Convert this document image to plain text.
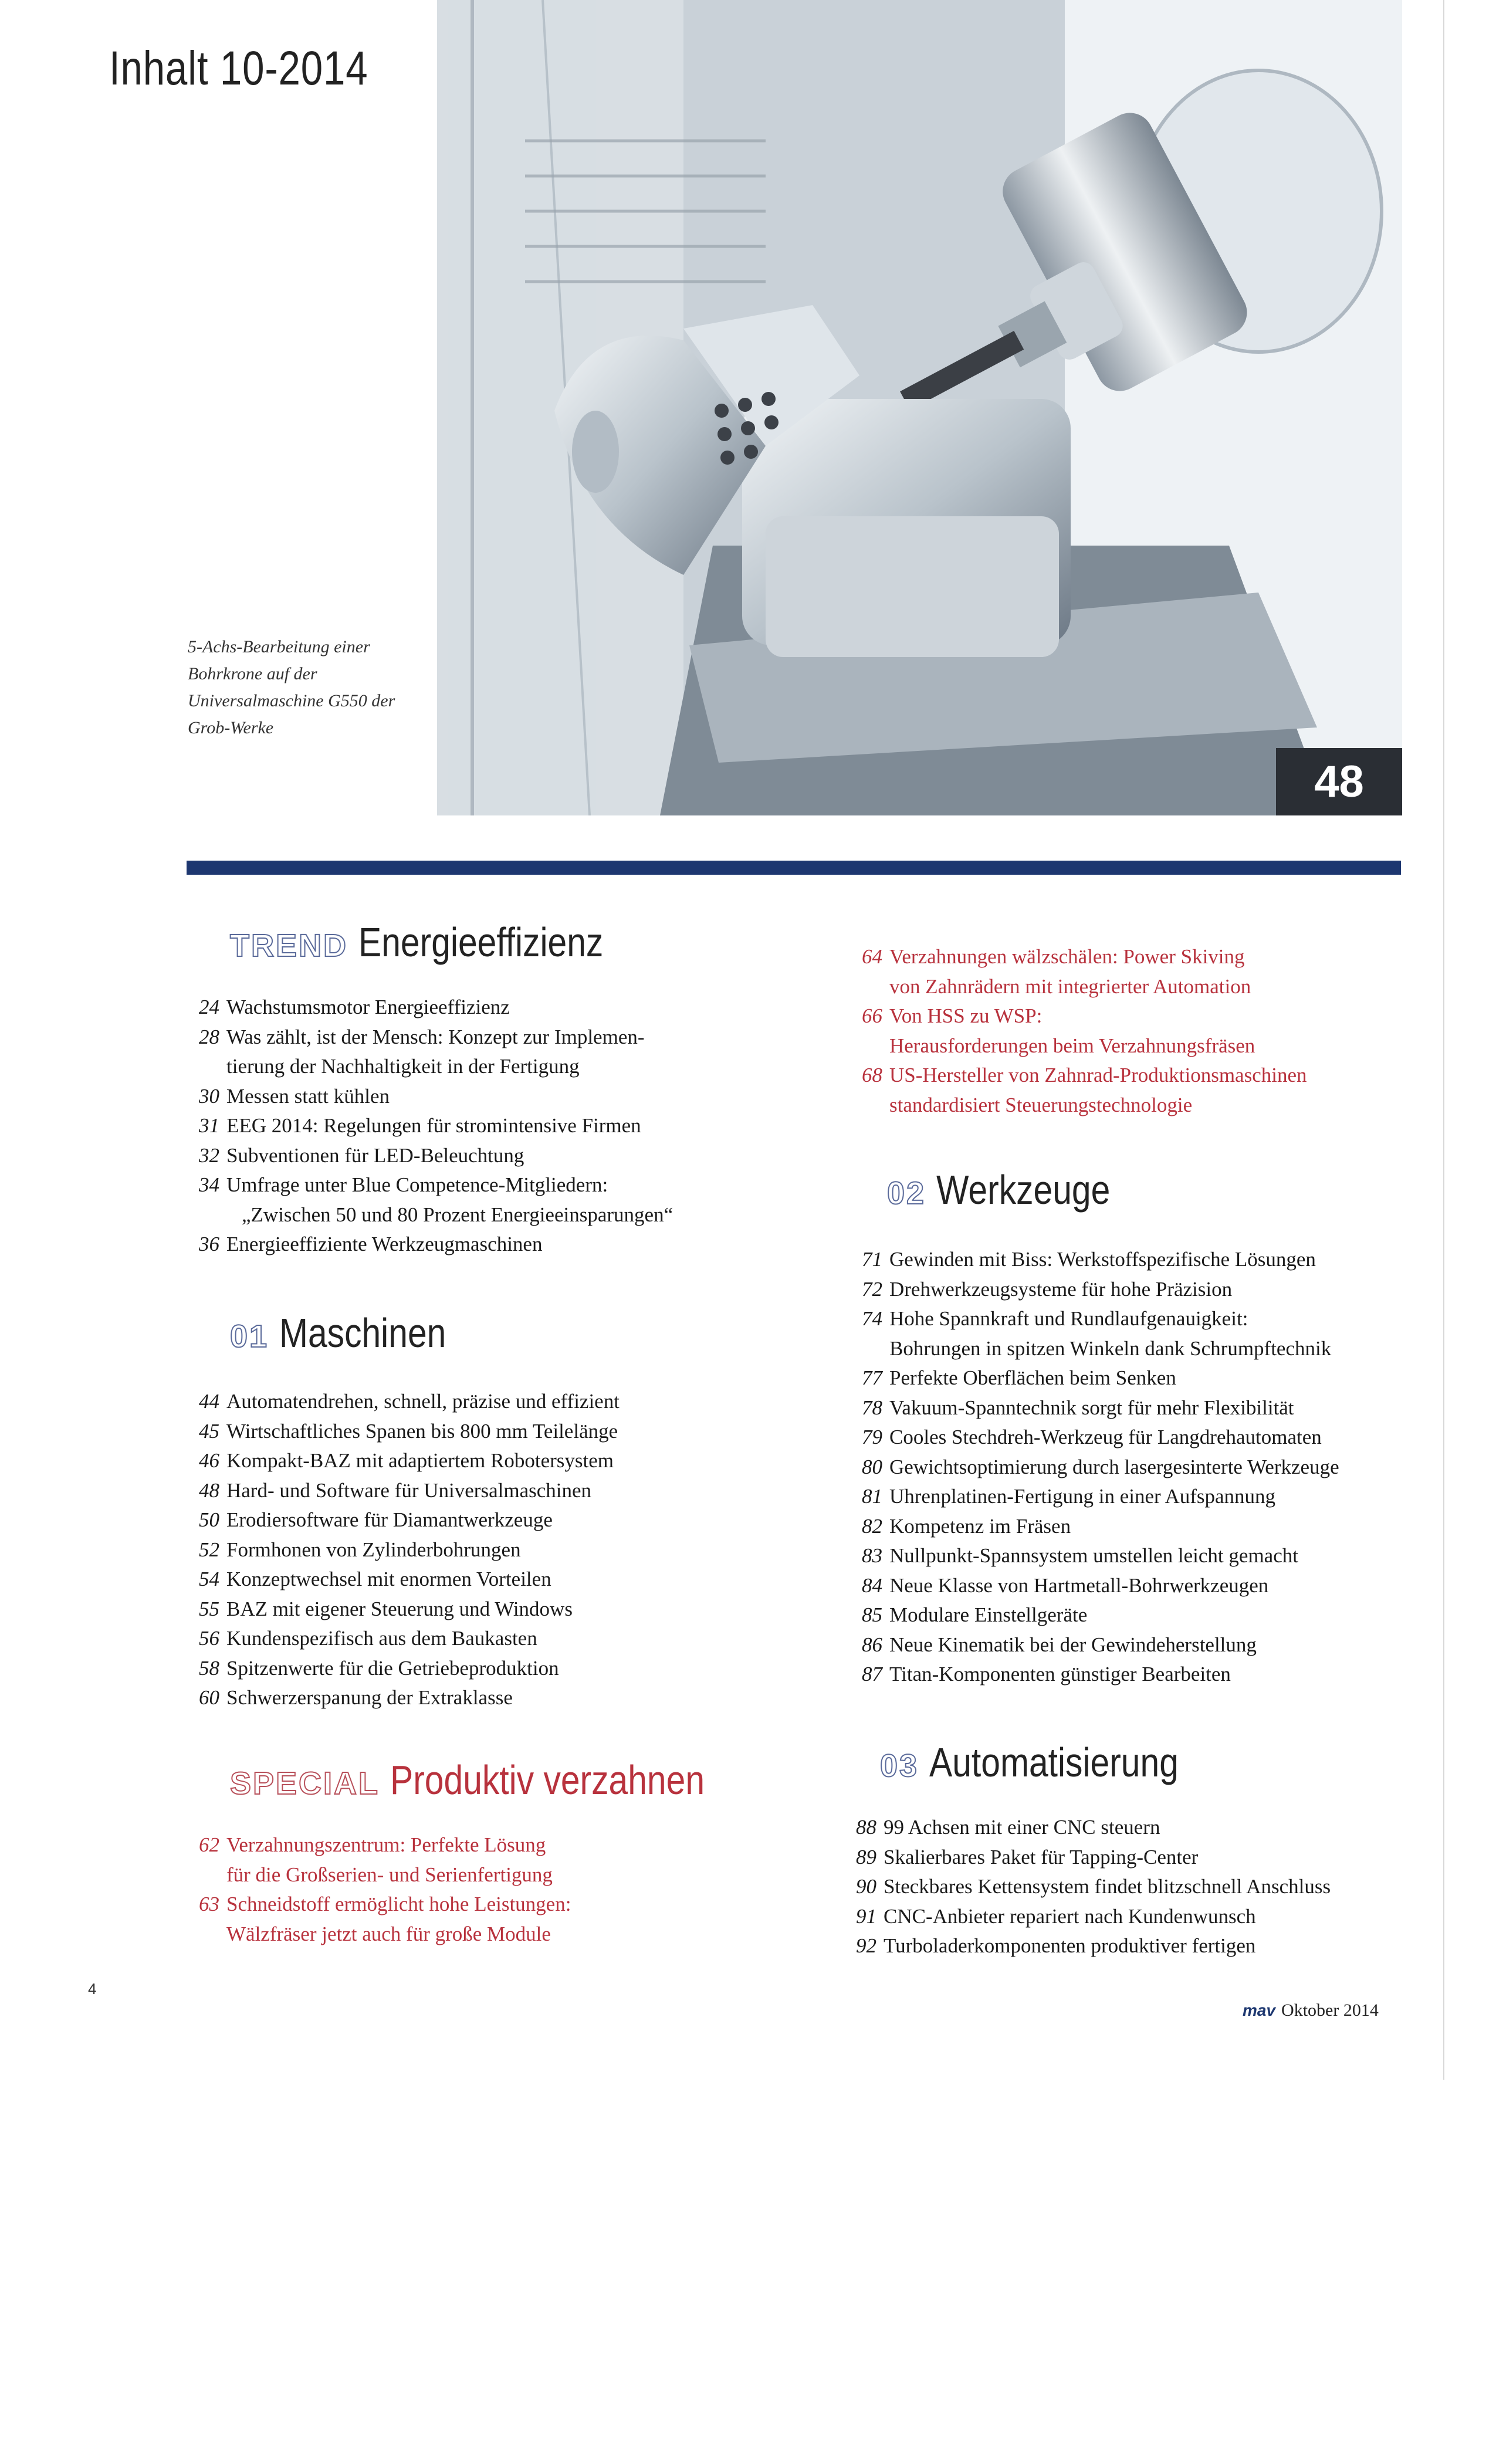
Inhalt 10-2014
5-Achs-Bearbeitung einer Bohrkrone auf der Universalmaschine G550 der Grob-Werke
48
TREND Energieeffizienz
24 Wachstumsmotor Energieeffizienz
28 Was zählt, ist der Mensch: Konzept zur Implemen-
tierung der Nachhaltigkeit in der Fertigung
30 Messen statt kühlen
31 EEG 2014: Regelungen für stromintensive Firmen
32 Subventionen für LED-Beleuchtung
34 Umfrage unter Blue Competence-Mitgliedern:
„Zwischen 50 und 80 Prozent Energieeinsparungen“
36 Energieeffiziente Werkzeugmaschinen
01 Maschinen
44 Automatendrehen, schnell, präzise und effizient
45 Wirtschaftliches Spanen bis 800 mm Teilelänge
46 Kompakt-BAZ mit adaptiertem Robotersystem
48 Hard- und Software für Universalmaschinen
50 Erodiersoftware für Diamantwerkzeuge
52 Formhonen von Zylinderbohrungen
54 Konzeptwechsel mit enormen Vorteilen
55 BAZ mit eigener Steuerung und Windows
56 Kundenspezifisch aus dem Baukasten
58 Spitzenwerte für die Getriebeproduktion
60 Schwerzerspanung der Extraklasse
SPECIAL Produktiv verzahnen
62 Verzahnungszentrum: Perfekte Lösung
für die Großserien- und Serienfertigung
63 Schneidstoff ermöglicht hohe Leistungen:
Wälzfräser jetzt auch für große Module
64 Verzahnungen wälzschälen: Power Skiving
von Zahnrädern mit integrierter Automation
66 Von HSS zu WSP:
Herausforderungen beim Verzahnungsfräsen
68 US-Hersteller von Zahnrad-Produktionsmaschinen
standardisiert Steuerungstechnologie
02 Werkzeuge
71 Gewinden mit Biss: Werkstoffspezifische Lösungen
72 Drehwerkzeugsysteme für hohe Präzision
74 Hohe Spannkraft und Rundlaufgenauigkeit:
Bohrungen in spitzen Winkeln dank Schrumpftechnik
77 Perfekte Oberflächen beim Senken
78 Vakuum-Spanntechnik sorgt für mehr Flexibilität
79 Cooles Stechdreh-Werkzeug für Langdrehautomaten
80 Gewichtsoptimierung durch lasergesinterte Werkzeuge
81 Uhrenplatinen-Fertigung in einer Aufspannung
82 Kompetenz im Fräsen
83 Nullpunkt-Spannsystem umstellen leicht gemacht
84 Neue Klasse von Hartmetall-Bohrwerkzeugen
85 Modulare Einstellgeräte
86 Neue Kinematik bei der Gewindeherstellung
87 Titan-Komponenten günstiger Bearbeiten
03 Automatisierung
88 99 Achsen mit einer CNC steuern
89 Skalierbares Paket für Tapping-Center
90 Steckbares Kettensystem findet blitzschnell Anschluss
91 CNC-Anbieter repariert nach Kundenwunsch
92 Turboladerkomponenten produktiver fertigen
4
mav Oktober 2014
